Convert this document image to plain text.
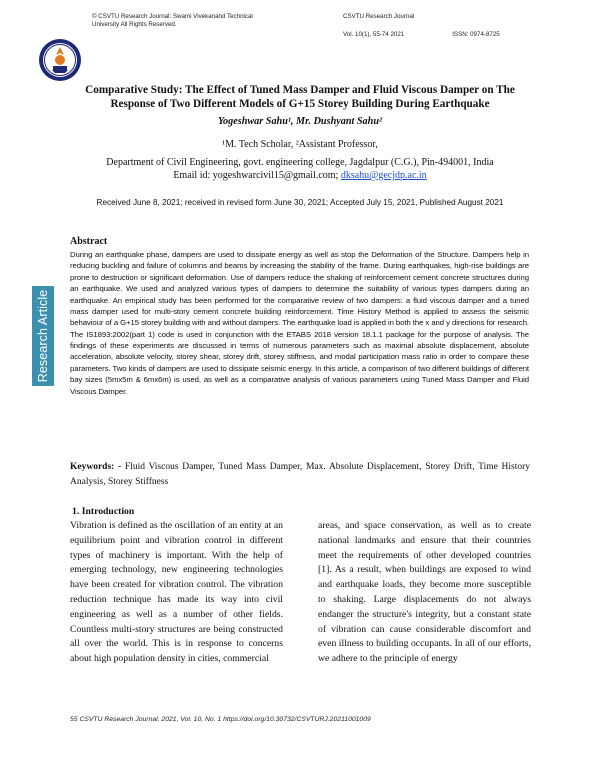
© CSVTU Research Journal: Swami Vivekanand Technical
University All Rights Reserved.
CSVTU Research Journal
Vol. 10(1), 55-74 2021	ISSN: 0974-8725
Research Article
Comparative Study: The Effect of Tuned Mass Damper and Fluid Viscous Damper on The Response of Two Different Models of G+15 Storey Building During Earthquake
Yogeshwar Sahu¹, Mr. Dushyant Sahu²
¹M. Tech Scholar, ²Assistant Professor,
Department of Civil Engineering, govt. engineering college, Jagdalpur (C.G.), Pin-494001, India
Email id: yogeshwarcivil15@gmail.com; dksahu@gecjdp.ac.in
Received June 8, 2021; received in revised form June 30, 2021; Accepted July 15, 2021, Published August 2021
Abstract
During an earthquake phase, dampers are used to dissipate energy as well as stop the Deformation of the Structure. Dampers help in reducing buckling and failure of columns and beams by increasing the stability of the frame. During earthquakes, high-rise buildings are prone to destruction or significant deformation. Use of dampers reduce the shaking of reinforcement cement concrete structures during an earthquake. We used and analyzed various types of dampers to determine the suitability of various types dampers during an earthquake. An empirical study has been performed for the comparative review of two dampers: a fluid viscous damper and a tuned mass damper used for multi-story cement concrete building reinforcement. Time History Method is applied to assess the seismic behaviour of a G+15 storey building with and without dampers. The earthquake load is applied in both the x and y directions for research. The IS1893:2002(part 1) code is used in conjunction with the ETABS 2018 version 18.1.1 package for the purpose of analysis. The findings of these experiments are discussed in terms of numerous parameters such as maximal absolute displacement, absolute acceleration, absolute velocity, storey shear, storey drift, storey stiffness, and modal participation mass ratio in order to compare these parameters. Two kinds of dampers are used to dissipate seismic energy. In this article, a comparison of two different buildings of different bay sizes (5mx5m & 6mx6m) is used, as well as a comparative analysis of various parameters using Tuned Mass Damper and Fluid Viscous Damper.
Keywords: - Fluid Viscous Damper, Tuned Mass Damper, Max. Absolute Displacement, Storey Drift, Time History Analysis, Storey Stiffness
1. Introduction
Vibration is defined as the oscillation of an entity at an equilibrium point and vibration control in different types of machinery is important. With the help of emerging technology, new engineering technologies have been created for vibration control. The vibration reduction technique has made its way into civil engineering as well as a number of other fields. Countless multi-story structures are being constructed all over the world. This is in response to concerns about high population density in cities, commercial
areas, and space conservation, as well as to create national landmarks and ensure that their countries meet the requirements of other developed countries [1]. As a result, when buildings are exposed to wind and earthquake loads, they become more susceptible to shaking. Large displacements do not always endanger the structure's integrity, but a constant state of vibration can cause considerable discomfort and even illness to building occupants. In all of our efforts, we adhere to the principle of energy
55 CSVTU Research Journal. 2021, Vol. 10, No. 1 https://doi.org/10.30732/CSVTURJ.20211001009
